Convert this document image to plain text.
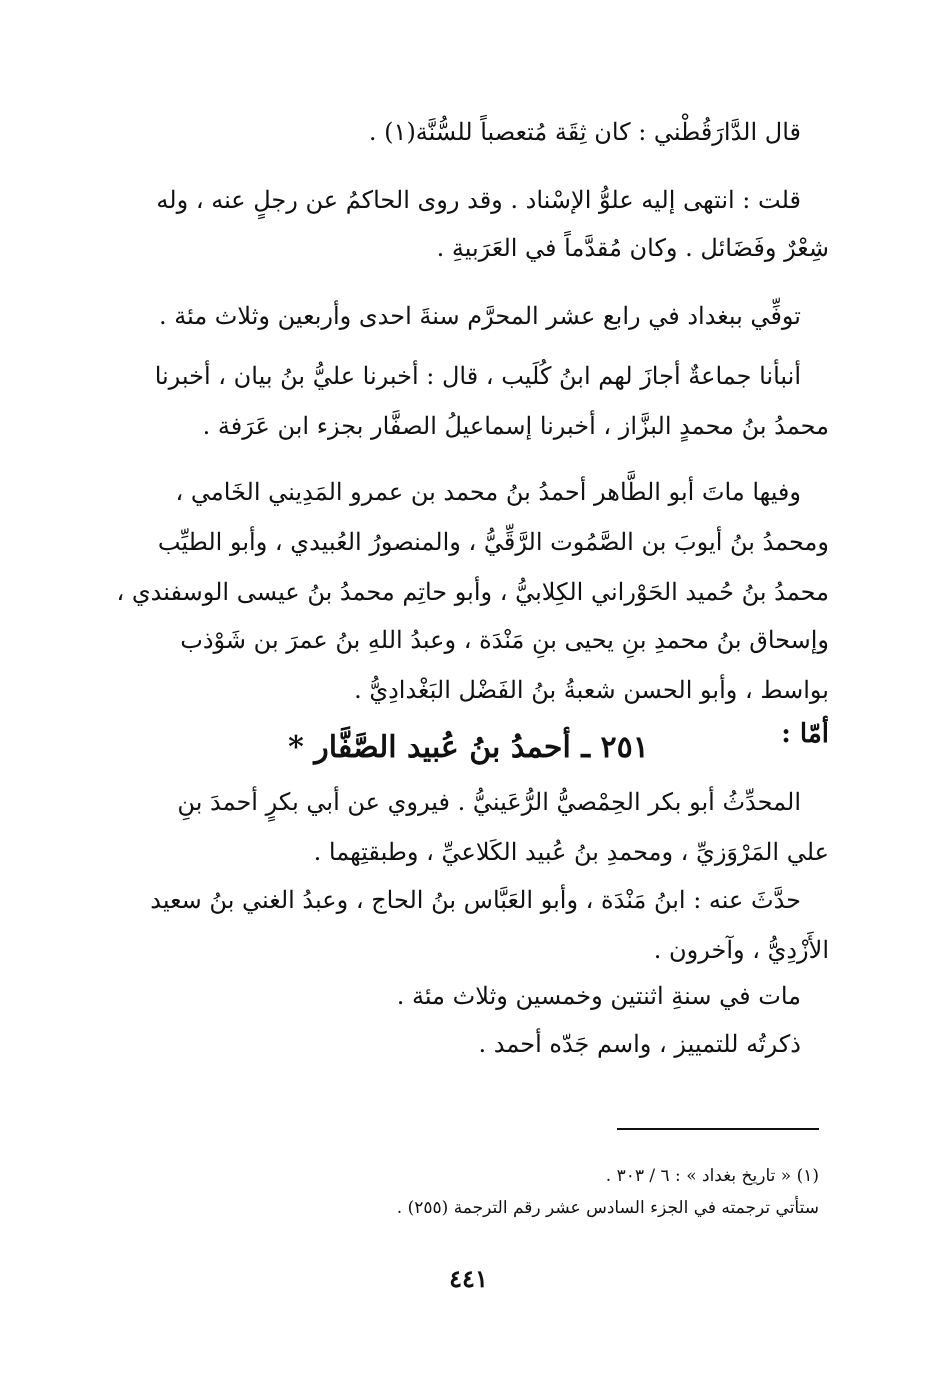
قال الدَّارَقُطْني : كان ثِقَة مُتعصباً للسُّنَّة(١) .

قلت : انتهى إليه علوُّ الإسْناد . وقد روى الحاكمُ عن رجلٍ عنه ، وله

شِعْرٌ وفَضَائل . وكان مُقدَّماً في العَرَبيةِ .

توفِّي ببغداد في رابع عشر المحرَّم سنةَ احدى وأربعين وثلاث مئة .

أنبأنا جماعةٌ أجازَ لهم ابنُ كُلَيب ، قال : أخبرنا عليُّ بنُ بيان ، أخبرنا

محمدُ بنُ محمدٍ البزَّاز ، أخبرنا إسماعيلُ الصفَّار بجزء ابن عَرَفة .

وفيها ماتَ أبو الطَّاهر أحمدُ بنُ محمد بن عمرو المَدِيني الخَامي ،

ومحمدُ بنُ أيوبَ بن الصَّمُوت الرَّقِّيُّ ، والمنصورُ العُبيدي ، وأبو الطيِّب

محمدُ بنُ حُميد الحَوْراني الكِلابيُّ ، وأبو حاتِم محمدُ بنُ عيسى الوسفندي ،

وإسحاق بنُ محمدِ بنِ يحيى بنِ مَنْدَة ، وعبدُ اللهِ بنُ عمرَ بن شَوْذب

بواسط ، وأبو الحسن شعبةُ بنُ الفَضْل البَغْدادِيُّ .

أمّا :
٢٥١ ـ أحمدُ بنُ عُبيد الصَّفَّار *

المحدِّثُ أبو بكر الحِمْصيُّ الرُّعَينيُّ . فيروي عن أبي بكرٍ أحمدَ بنِ

علي المَرْوَزيِّ ، ومحمدِ بنُ عُبيد الكَلاعيِّ ، وطبقتِهما .

حدَّثَ عنه : ابنُ مَنْدَة ، وأبو العَبَّاس بنُ الحاج ، وعبدُ الغني بنُ سعيد

الأَزْدِيُّ ، وآخرون .

مات في سنةِ اثنتين وخمسين وثلاث مئة .

ذكرتُه للتمييز ، واسم جَدّه أحمد .

(١) « تاريخ بغداد » : ٦ / ٣٠٣ .
ستأتي ترجمته في الجزء السادس عشر رقم الترجمة (٢٥٥) .
٤٤١
